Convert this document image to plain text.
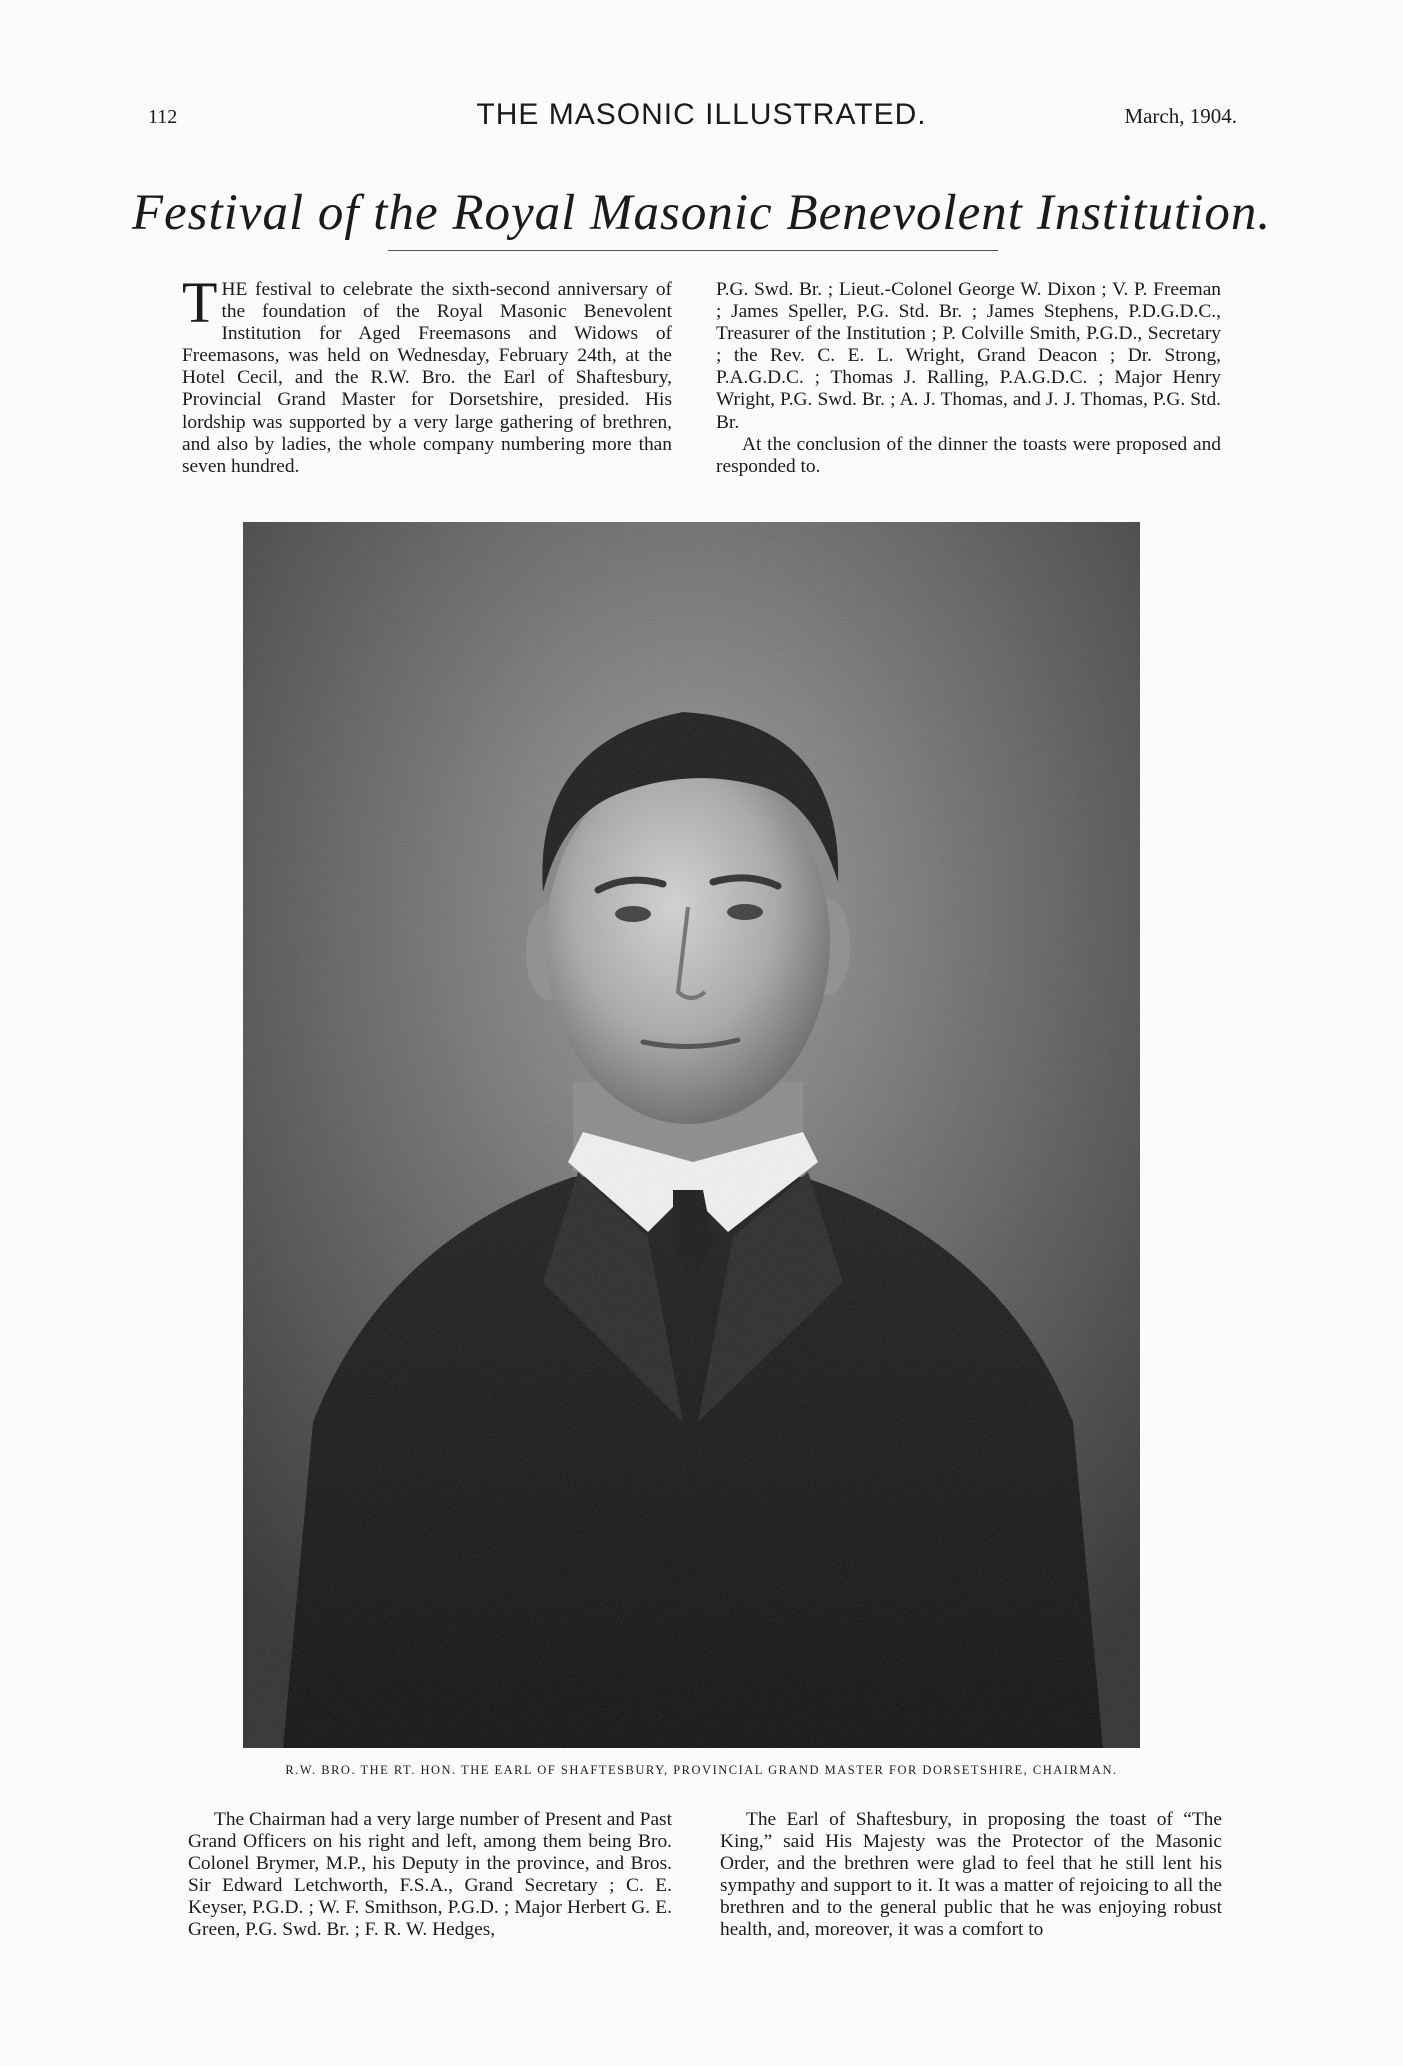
112	THE MASONIC ILLUSTRATED.	March, 1904.
Festival of the Royal Masonic Benevolent Institution.

T HE festival to celebrate the sixth-second anniversary of the foundation of the Royal Masonic Benevolent Institution for Aged Freemasons and Widows of Freemasons, was held on Wednesday, February 24th, at the Hotel Cecil, and the R.W. Bro. the Earl of Shaftesbury, Provincial Grand Master for Dorsetshire, presided. His lordship was supported by a very large gathering of brethren, and also by ladies, the whole company numbering more than seven hundred.

P.G. Swd. Br. ; Lieut.-Colonel George W. Dixon ; V. P. Freeman ; James Speller, P.G. Std. Br. ; James Stephens, P.D.G.D.C., Treasurer of the Institution ; P. Colville Smith, P.G.D., Secretary ; the Rev. C. E. L. Wright, Grand Deacon ; Dr. Strong, P.A.G.D.C. ; Thomas J. Ralling, P.A.G.D.C. ; Major Henry Wright, P.G. Swd. Br. ; A. J. Thomas, and J. J. Thomas, P.G. Std. Br.

At the conclusion of the dinner the toasts were proposed and responded to.

R.W. BRO. THE RT. HON. THE EARL OF SHAFTESBURY, PROVINCIAL GRAND MASTER FOR DORSETSHIRE, CHAIRMAN.

The Chairman had a very large number of Present and Past Grand Officers on his right and left, among them being Bro. Colonel Brymer, M.P., his Deputy in the province, and Bros. Sir Edward Letchworth, F.S.A., Grand Secretary ; C. E. Keyser, P.G.D. ; W. F. Smithson, P.G.D. ; Major Herbert G. E. Green, P.G. Swd. Br. ; F. R. W. Hedges,

The Earl of Shaftesbury, in proposing the toast of “The King,” said His Majesty was the Protector of the Masonic Order, and the brethren were glad to feel that he still lent his sympathy and support to it. It was a matter of rejoicing to all the brethren and to the general public that he was enjoying robust health, and, moreover, it was a comfort to
